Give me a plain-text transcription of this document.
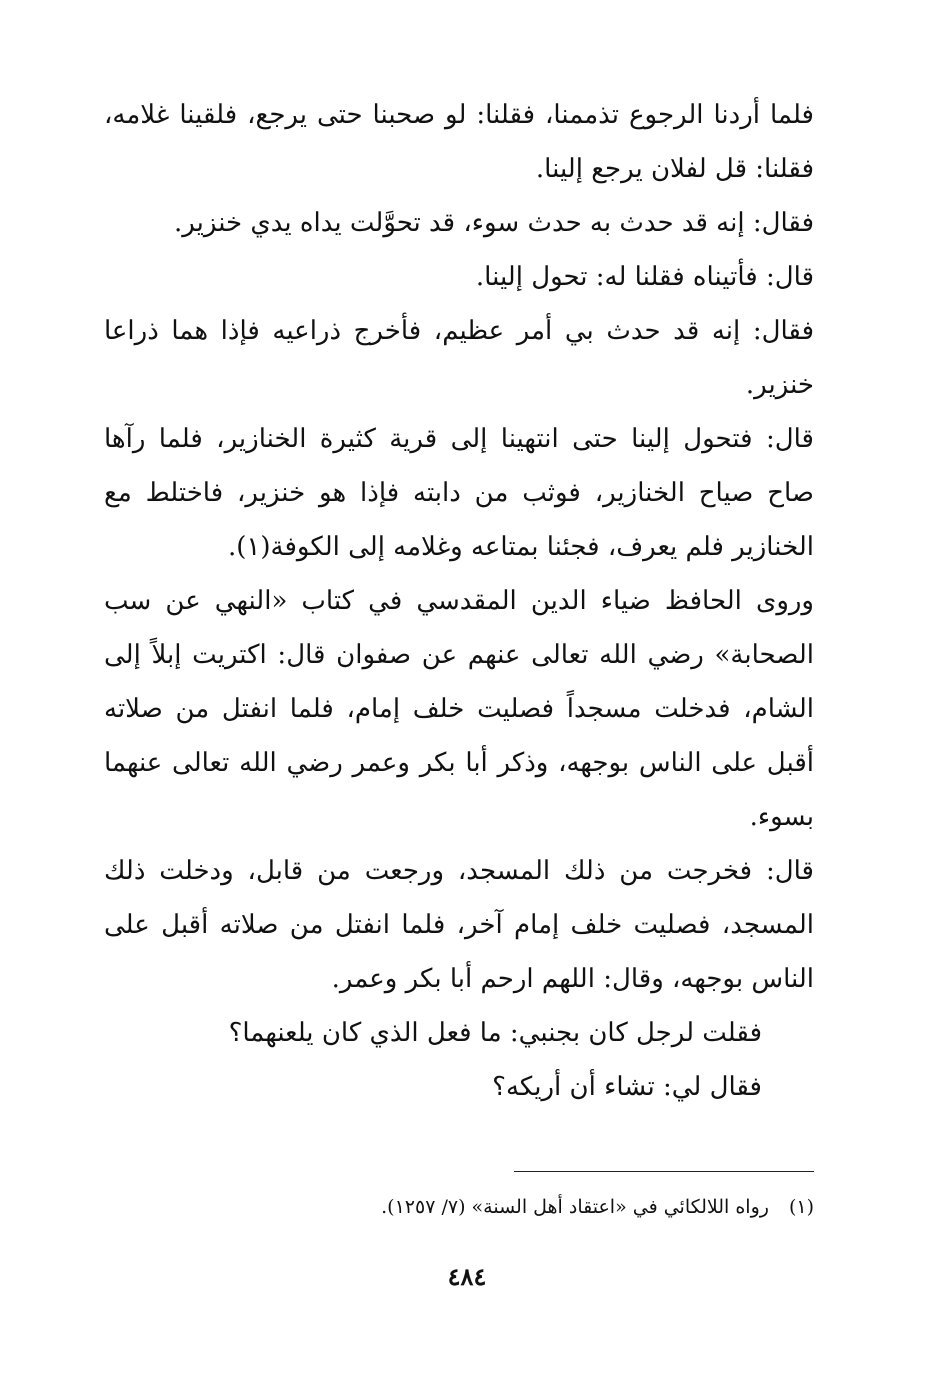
فلما أردنا الرجوع تذممنا، فقلنا: لو صحبنا حتى يرجع، فلقينا غلامه، فقلنا: قل لفلان يرجع إلينا.

فقال: إنه قد حدث به حدث سوء، قد تحوَّلت يداه يدي خنزير.

قال: فأتيناه فقلنا له: تحول إلينا.

فقال: إنه قد حدث بي أمر عظيم، فأخرج ذراعيه فإذا هما ذراعا خنزير.

قال: فتحول إلينا حتى انتهينا إلى قرية كثيرة الخنازير، فلما رآها صاح صياح الخنازير، فوثب من دابته فإذا هو خنزير، فاختلط مع الخنازير فلم يعرف، فجئنا بمتاعه وغلامه إلى الكوفة(١).

وروى الحافظ ضياء الدين المقدسي في كتاب «النهي عن سب الصحابة» رضي الله تعالى عنهم عن صفوان قال: اكتريت إبلاً إلى الشام، فدخلت مسجداً فصليت خلف إمام، فلما انفتل من صلاته أقبل على الناس بوجهه، وذكر أبا بكر وعمر رضي الله تعالى عنهما بسوء.

قال: فخرجت من ذلك المسجد، ورجعت من قابل، ودخلت ذلك المسجد، فصليت خلف إمام آخر، فلما انفتل من صلاته أقبل على الناس بوجهه، وقال: اللهم ارحم أبا بكر وعمر.

فقلت لرجل كان بجنبي: ما فعل الذي كان يلعنهما؟

فقال لي: تشاء أن أريكه؟

(١)رواه اللالكائي في «اعتقاد أهل السنة» (٧/ ١٢٥٧).
٤٨٤
